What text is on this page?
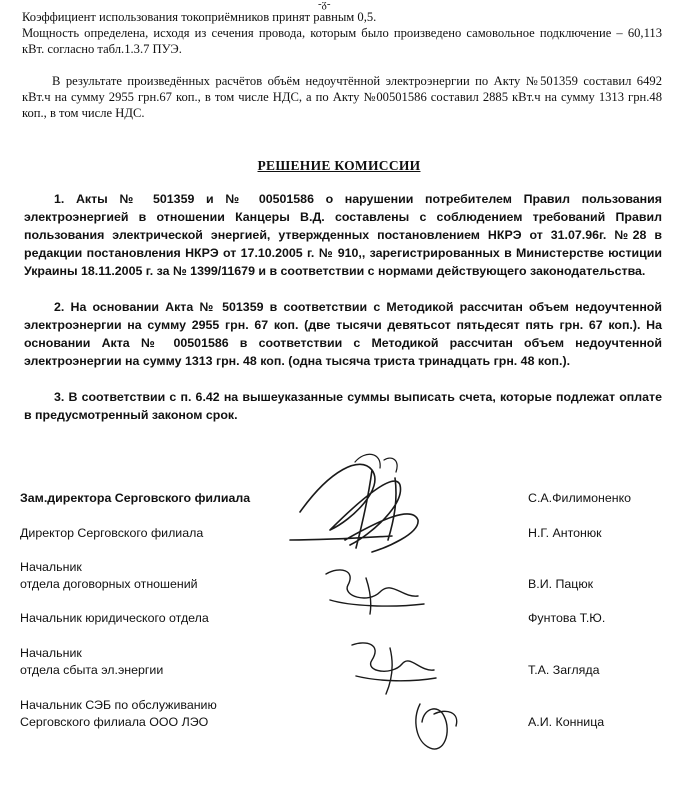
-ᵹ-
Коэффициент использования токоприёмников принят равным 0,5.
Мощность определена, исходя из сечения провода, которым было произведено самовольное подключение – 60,113 кВт. согласно табл.1.3.7 ПУЭ.
В результате произведённых расчётов объём недоучтённой электроэнергии по Акту №501359 составил 6492 кВт.ч на сумму 2955 грн.67 коп., в том числе НДС, а по Акту №00501586 составил 2885 кВт.ч на сумму 1313 грн.48 коп., в том числе НДС.
РЕШЕНИЕ КОМИССИИ
1. Акты № 501359 и № 00501586 о нарушении потребителем Правил пользования электроэнергией в отношении Канцеры В.Д. составлены с соблюдением требований Правил пользования электрической энергией, утвержденных постановлением НКРЭ от 31.07.96г. №28 в редакции постановления НКРЭ от 17.10.2005 г. № 910,, зарегистрированных в Министерстве юстиции Украины 18.11.2005 г. за № 1399/11679 и в соответствии с нормами действующего законодательства.
2. На основании Акта № 501359 в соответствии с Методикой рассчитан объем недоучтенной электроэнергии на сумму 2955 грн. 67 коп. (две тысячи девятьсот пятьдесят пять грн. 67 коп.). На основании Акта № 00501586 в соответствии с Методикой рассчитан объем недоучтенной электроэнергии на сумму 1313 грн. 48 коп. (одна тысяча триста тринадцать грн. 48 коп.).
3. В соответствии с п. 6.42 на вышеуказанные суммы выписать счета, которые подлежат оплате в предусмотренный законом срок.
Зам.директора Серговского филиала	С.А.Филимоненко
Директор Серговского филиала	Н.Г. Антонюк
Начальник
отдела договорных отношений	В.И. Пацюк
Начальник юридического отдела	Фунтова Т.Ю.
Начальник
отдела сбыта эл.энергии	Т.А. Загляда
Начальник СЭБ по обслуживанию
Серговского филиала ООО ЛЭО	А.И. Конница
